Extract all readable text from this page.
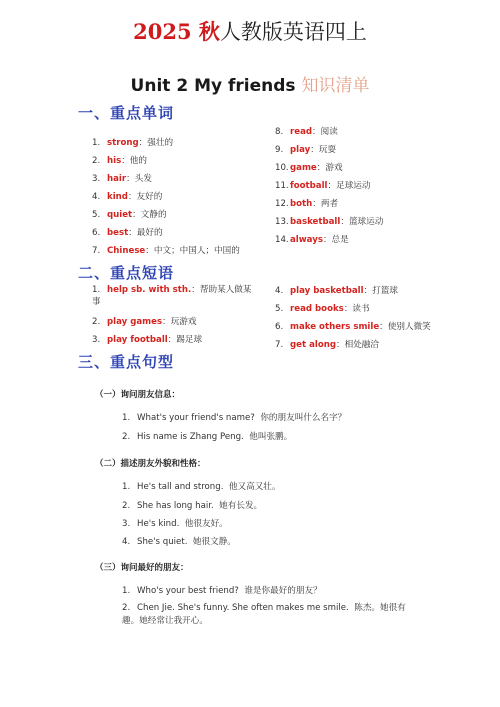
2025 秋人教版英语四上
Unit 2 My friends 知识清单
一、重点单词
1. strong：强壮的
2. his：他的
3. hair：头发
4. kind：友好的
5. quiet：文静的
6. best：最好的
7. Chinese：中文；中国人；中国的
8. read：阅读
9. play：玩耍
10.game：游戏
11.football：足球运动
12.both：两者
13.basketball：篮球运动
14.always：总是
二、重点短语
1. help sb. with sth.：帮助某人做某事
2. play games：玩游戏
3. play football：踢足球
4. play basketball：打篮球
5. read books：读书
6. make others smile：使别人微笑
7. get along：相处融洽
三、重点句型
（一）询问朋友信息：
1. What's your friend's name? 你的朋友叫什么名字？
2. His name is Zhang Peng. 他叫张鹏。
（二）描述朋友外貌和性格：
1. He's tall and strong. 他又高又壮。
2. She has long hair. 她有长发。
3. He's kind. 他很友好。
4. She's quiet. 她很文静。
（三）询问最好的朋友：
1. Who's your best friend? 谁是你最好的朋友？
2. Chen Jie. She's funny. She often makes me smile. 陈杰。她很有趣。她经常让我开心。
